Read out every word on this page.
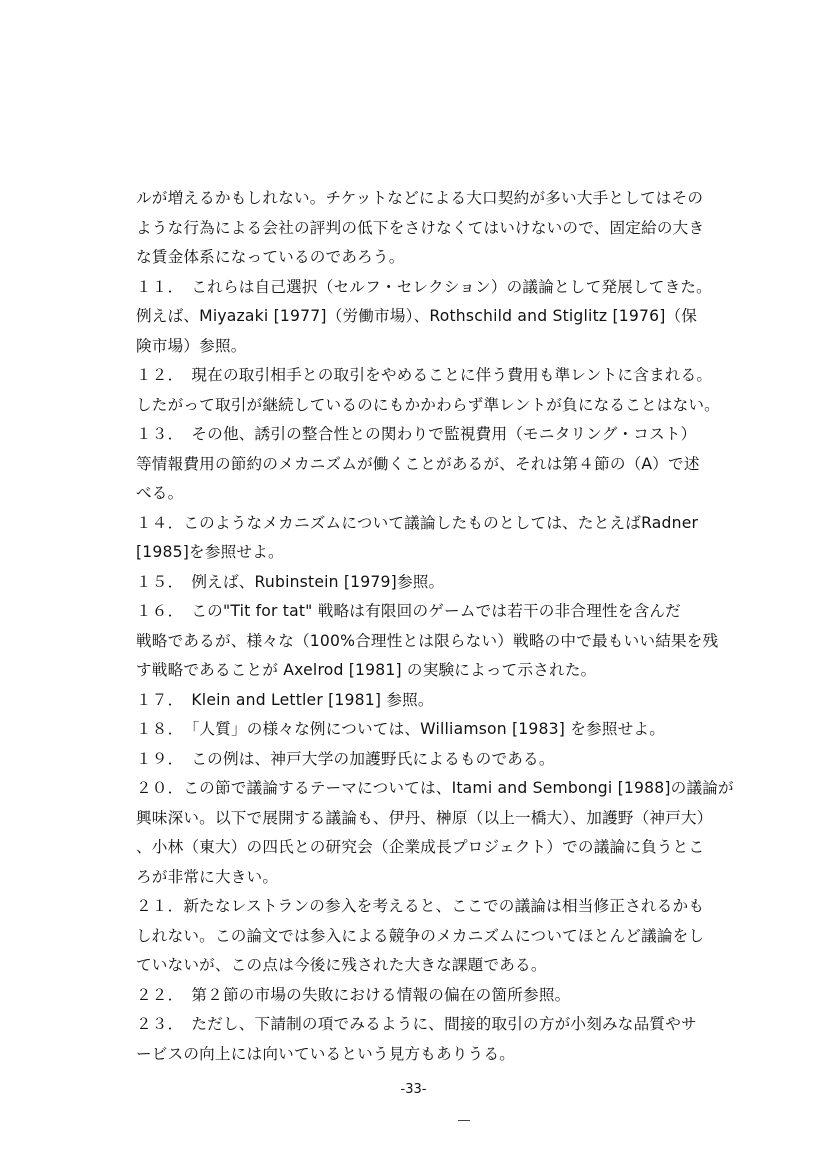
ルが増えるかもしれない。チケットなどによる大口契約が多い大手としてはその
ような行為による会社の評判の低下をさけなくてはいけないので、固定給の大き
な賃金体系になっているのであろう。
１１．　これらは自己選択（セルフ・セレクション）の議論として発展してきた。
例えば、Miyazaki [1977]（労働市場）、Rothschild and Stiglitz [1976]（保
険市場）参照。
１２．　現在の取引相手との取引をやめることに伴う費用も準レントに含まれる。
したがって取引が継続しているのにもかかわらず準レントが負になることはない。
１３．　その他、誘引の整合性との関わりで監視費用（モニタリング・コスト）
等情報費用の節約のメカニズムが働くことがあるが、それは第４節の（A）で述
べる。
１４．このようなメカニズムについて議論したものとしては、たとえばRadner
[1985]を参照せよ。
１５．　例えば、Rubinstein [1979]参照。
１６．　この"Tit for tat" 戦略は有限回のゲームでは若干の非合理性を含んだ
戦略であるが、様々な（100%合理性とは限らない）戦略の中で最もいい結果を残
す戦略であることが Axelrod [1981] の実験によって示された。
１７．　Klein and Lettler [1981] 参照。
１８．　「人質」の様々な例については、Williamson [1983] を参照せよ。
１９．　この例は、神戸大学の加護野氏によるものである。
２０．この節で議論するテーマについては、Itami and Sembongi [1988]の議論が
興味深い。以下で展開する議論も、伊丹、榊原（以上一橋大）、加護野（神戸大）
、小林（東大）の四氏との研究会（企業成長プロジェクト）での議論に負うとこ
ろが非常に大きい。
２１．新たなレストランの参入を考えると、ここでの議論は相当修正されるかも
しれない。この論文では参入による競争のメカニズムについてほとんど議論をし
ていないが、この点は今後に残された大きな課題である。
２２．　第２節の市場の失敗における情報の偏在の箇所参照。
２３．　ただし、下請制の項でみるように、間接的取引の方が小刻みな品質やサ
ービスの向上には向いているという見方もありうる。
-33-
